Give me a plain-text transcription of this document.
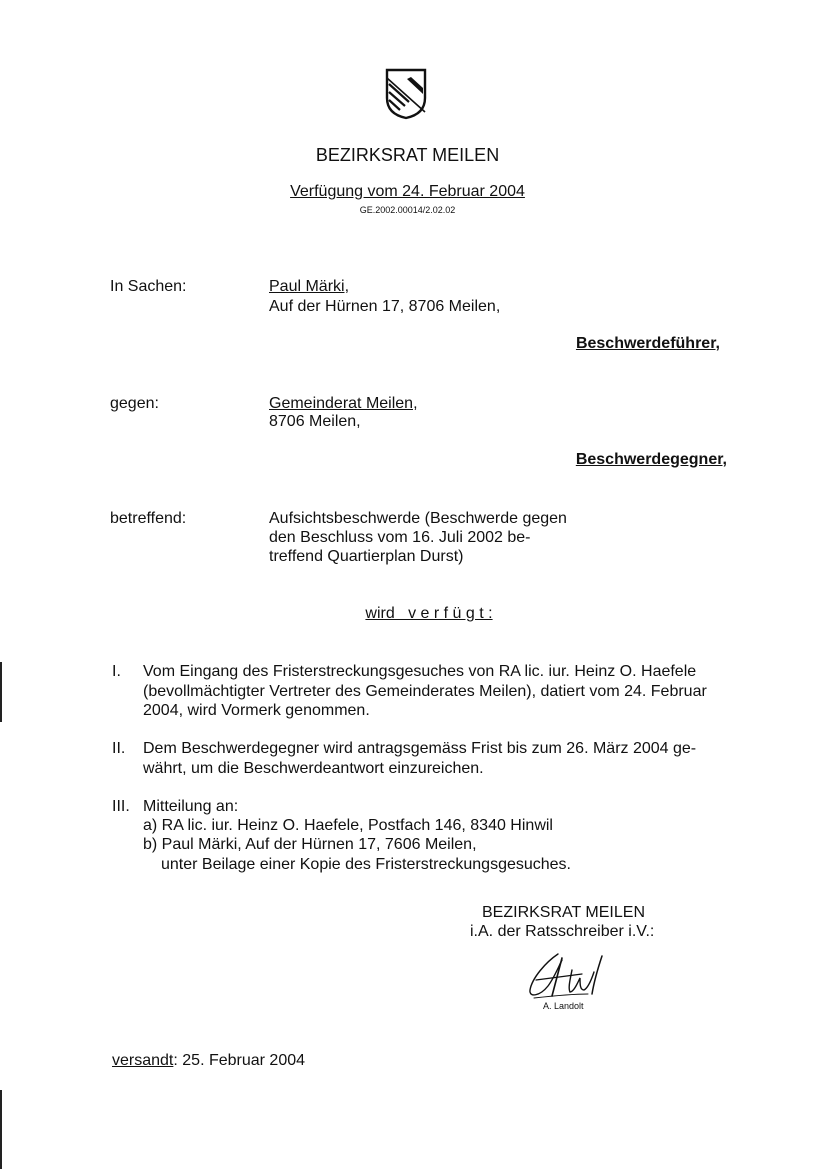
BEZIRKSRAT MEILEN
Verfügung vom 24. Februar 2004
GE.2002.00014/2.02.02
In Sachen:	Paul Märki,
Auf der Hürnen 17, 8706 Meilen,
Beschwerdeführer,
gegen:	Gemeinderat Meilen,
8706 Meilen,
Beschwerdegegner,
betreffend:	Aufsichtsbeschwerde (Beschwerde gegen
den Beschluss vom 16. Juli 2002 be-
treffend Quartierplan Durst)
wird   v e r f ü g t :
I. Vom Eingang des Fristerstreckungsgesuches von RA lic. iur. Heinz O. Haefele
(bevollmächtigter Vertreter des Gemeinderates Meilen), datiert vom 24. Februar
2004, wird Vormerk genommen.
II. Dem Beschwerdegegner wird antragsgemäss Frist bis zum 26. März 2004 ge-
währt, um die Beschwerdeantwort einzureichen.
III. Mitteilung an:
a) RA lic. iur. Heinz O. Haefele, Postfach 146, 8340 Hinwil
b) Paul Märki, Auf der Hürnen 17, 7606 Meilen,
unter Beilage einer Kopie des Fristerstreckungsgesuches.
BEZIRKSRAT MEILEN
i.A. der Ratsschreiber i.V.:
A. Landolt
versandt: 25. Februar 2004
